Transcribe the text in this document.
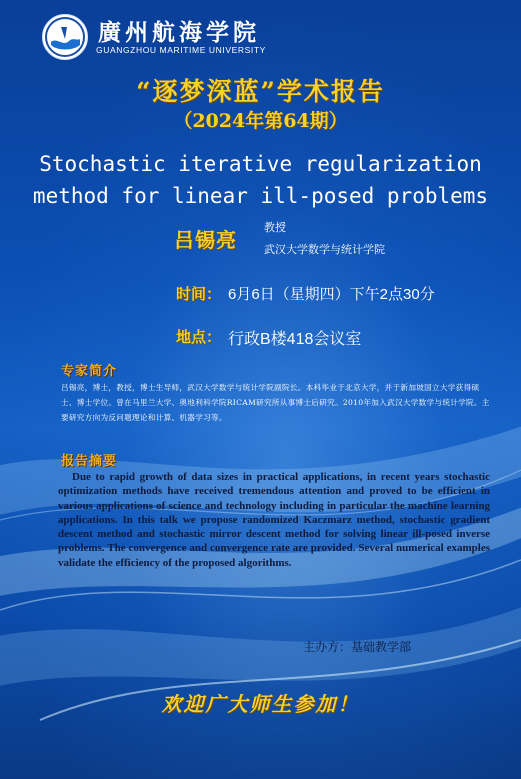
廣州航海学院
GUANGZHOU MARITIME UNIVERSITY
“逐梦深蓝”学术报告
（2024年第64期）
Stochastic iterative regularization
method for linear ill-posed problems
吕锡亮 教授
武汉大学数学与统计学院
时间： 6月6日（星期四）下午2点30分
地点： 行政B楼418会议室
专家简介
吕锡亮，博士，教授，博士生导师，武汉大学数学与统计学院副院长。本科毕业于北京大学，并于新加坡国立大学获得硕士、博士学位。曾在马里兰大学、奥地利科学院RICAM研究所从事博士后研究。2010年加入武汉大学数学与统计学院。主要研究方向为反问题理论和计算、机器学习等。
报告摘要
Due to rapid growth of data sizes in practical applications, in recent years stochastic optimization methods have received tremendous attention and proved to be efficient in various applications of science and technology including in particular the machine learning applications. In this talk we propose randomized Kaczmarz method, stochastic gradient descent method and stochastic mirror descent method for solving linear ill-posed inverse problems. The convergence and convergence rate are provided. Several numerical examples validate the efficiency of the proposed algorithms.
主办方：基础教学部
欢迎广大师生参加！
